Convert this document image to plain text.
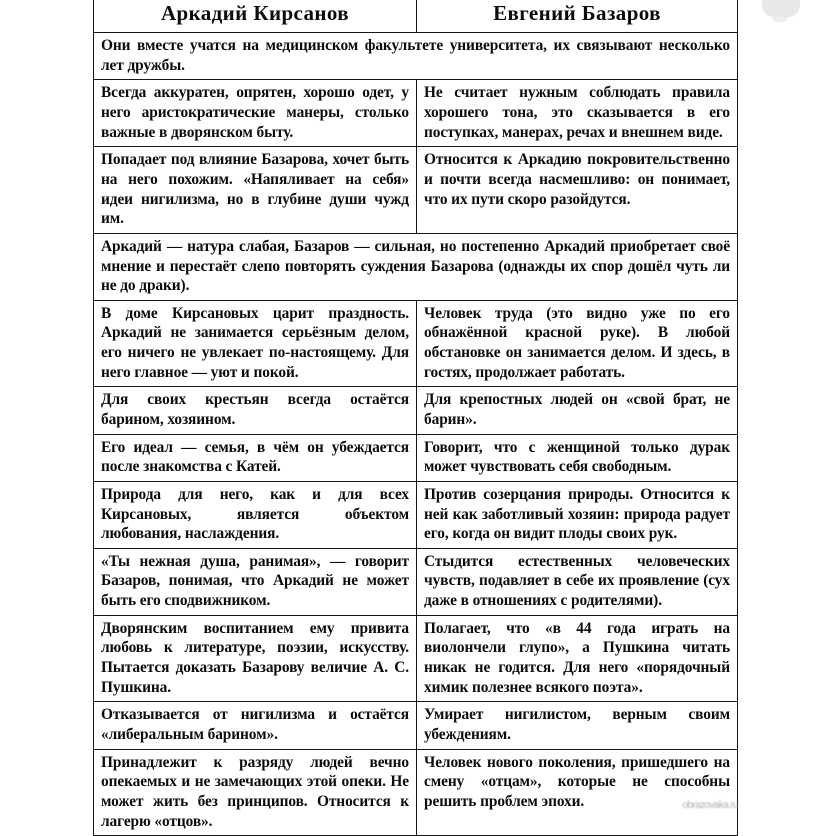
Аркадий Кирсанов	Евгений Базаров
Они вместе учатся на медицинском факультете университета, их связывают несколько лет дружбы.	
Всегда аккуратен, опрятен, хорошо одет, у него аристократические манеры, столько важные в дворянском быту.	Не считает нужным соблюдать правила хорошего тона, это сказывается в его поступках, манерах, речах и внешнем виде.
Попадает под влияние Базарова, хочет быть на него похожим. «Напяливает на себя» идеи нигилизма, но в глубине души чужд им.	Относится к Аркадию покровительственно и почти всегда насмешливо: он понимает, что их пути скоро разойдутся.
Аркадий — натура слабая, Базаров — сильная, но постепенно Аркадий приобретает своё мнение и перестаёт слепо повторять суждения Базарова (однажды их спор дошёл чуть ли не до драки).	
В доме Кирсановых царит праздность. Аркадий не занимается серьёзным делом, его ничего не увлекает по-настоящему. Для него главное — уют и покой.	Человек труда (это видно уже по его обнажённой красной руке). В любой обстановке он занимается делом. И здесь, в гостях, продолжает работать.
Для своих крестьян всегда остаётся барином, хозяином.	Для крепостных людей он «свой брат, не барин».
Его идеал — семья, в чём он убеждается после знакомства с Катей.	Говорит, что с женщиной только дурак может чувствовать себя свободным.
Природа для него, как и для всех Кирсановых, является объектом любования, наслаждения.	Против созерцания природы. Относится к ней как заботливый хозяин: природа радует его, когда он видит плоды своих рук.
«Ты нежная душа, ранимая», — говорит Базаров, понимая, что Аркадий не может быть его сподвижником.	Стыдится естественных человеческих чувств, подавляет в себе их проявление (сух даже в отношениях с родителями).
Дворянским воспитанием ему привита любовь к литературе, поэзии, искусству. Пытается доказать Базарову величие А. С. Пушкина.	Полагает, что «в 44 года играть на виолончели глупо», а Пушкина читать никак не годится. Для него «порядочный химик полезнее всякого поэта».
Отказывается от нигилизма и остаётся «либеральным барином».	Умирает нигилистом, верным своим убеждениям.
Принадлежит к разряду людей вечно опекаемых и не замечающих этой опеки. Не может жить без принципов. Относится к лагерю «отцов».	Человек нового поколения, пришедшего на смену «отцам», которые не способны решить проблем эпохи.	obrazovaka.ru
